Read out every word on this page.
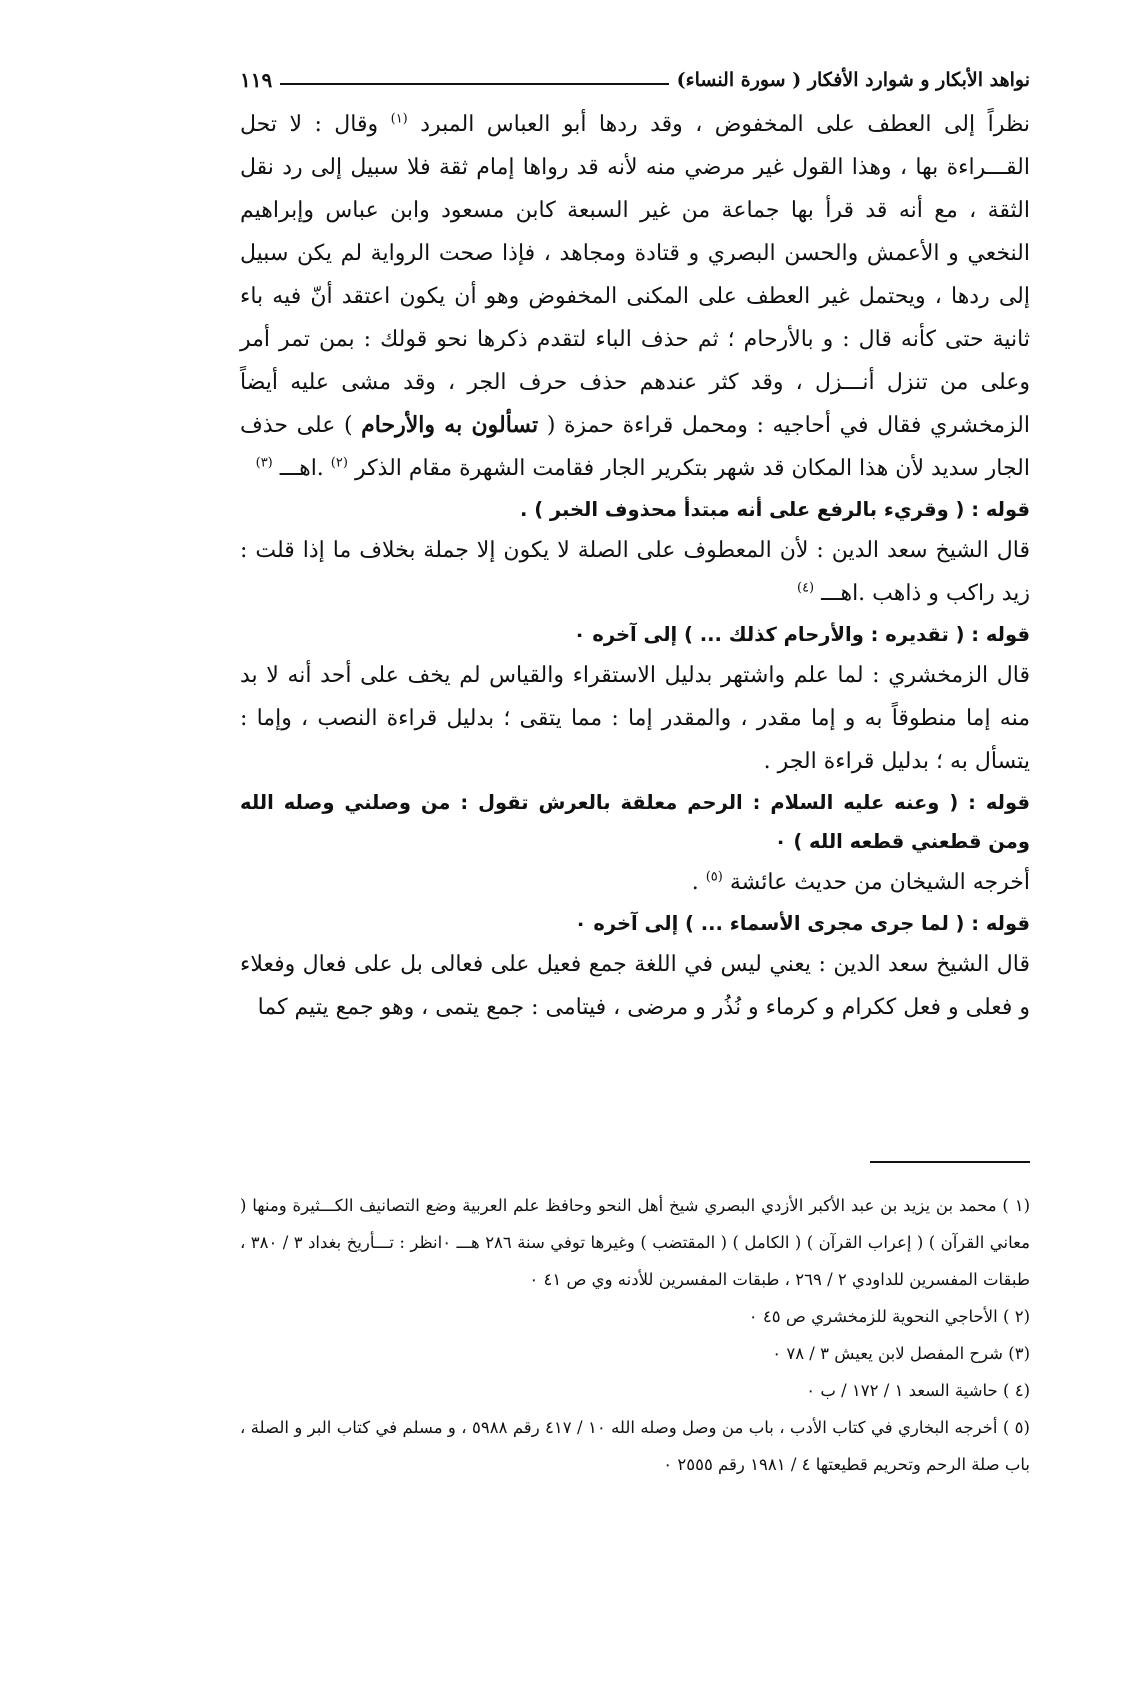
نواهد الأبكار و شوارد الأفكار ( سورة النساء)
١١٩

نظراً إلى العطف على المخفوض ، وقد ردها أبو العباس المبرد $^{(١)}$ وقال : لا تحل القـــراءة بها ، وهذا القول غير مرضي منه لأنه قد رواها إمام ثقة فلا سبيل إلى رد نقل الثقة ، مع أنه قد قرأ بها جماعة من غير السبعة كابن مسعود وابن عباس وإبراهيم النخعي و الأعمش والحسن البصري و قتادة ومجاهد ، فإذا صحت الرواية لم يكن سبيل إلى ردها ، ويحتمل غير العطف على المكنى المخفوض وهو أن يكون اعتقد أنّ فيه باء ثانية حتى كأنه قال : و بالأرحام ؛ ثم حذف الباء لتقدم ذكرها نحو قولك : بمن تمر أمر وعلى من تنزل أنـــزل ، وقد كثر عندهم حذف حرف الجر ، وقد مشى عليه أيضاً الزمخشري فقال في أحاجيه : ومحمل قراءة حمزة ( تسألون به والأرحام ) على حذف الجار سديد لأن هذا المكان قد شهر بتكرير الجار فقامت الشهرة مقام الذكر $^{(٢)}$ .اهـــ $^{(٣)}$

قوله : ( وقريء بالرفع على أنه مبتدأ محذوف الخبر ) .

قال الشيخ سعد الدين : لأن المعطوف على الصلة لا يكون إلا جملة بخلاف ما إذا قلت : زيد راكب و ذاهب .اهـــ $^{(٤)}$

قوله : ( تقديره : والأرحام كذلك ... ) إلى آخره ٠

قال الزمخشري : لما علم واشتهر بدليل الاستقراء والقياس لم يخف على أحد أنه لا بد منه إما منطوقاً به و إما مقدر ، والمقدر إما : مما يتقى ؛ بدليل قراءة النصب ، وإما : يتسأل به ؛ بدليل قراءة الجر .

قوله : ( وعنه عليه السلام : الرحم معلقة بالعرش تقول : من وصلني وصله الله ومن قطعني قطعه الله ) ٠

أخرجه الشيخان من حديث عائشة $^{(٥)}$ .

قوله : ( لما جرى مجرى الأسماء ... ) إلى آخره ٠

قال الشيخ سعد الدين : يعني ليس في اللغة جمع فعيل على فعالى بل على فعال وفعلاء و فعلى و فعل ككرام و كرماء و نُذُر و مرضى ، فيتامى : جمع يتمى ، وهو جمع يتيم كما

(١ ) محمد بن يزيد بن عبد الأكبر الأزدي البصري شيخ أهل النحو وحافظ علم العربية وضع التصانيف الكـــثيرة ومنها ( معاني القرآن ) ( إعراب القرآن ) ( الكامل ) ( المقتضب ) وغيرها توفي سنة ٢٨٦ هـــ ٠انظر : تـــأريخ بغداد ٣ / ٣٨٠ ، طبقات المفسرين للداودي ٢ / ٢٦٩ ، طبقات المفسرين للأدنه وي ص ٤١ ٠

(٢ ) الأحاجي النحوية للزمخشري ص ٤٥ ٠

(٣) شرح المفصل لابن يعيش ٣ / ٧٨ ٠

(٤ ) حاشية السعد ١ / ١٧٢ / ب ٠

(٥ ) أخرجه البخاري في كتاب الأدب ، باب من وصل وصله الله ١٠ / ٤١٧ رقم ٥٩٨٨ ، و مسلم في كتاب البر و الصلة ، باب صلة الرحم وتحريم قطيعتها ٤ / ١٩٨١ رقم ٢٥٥٥ ٠
